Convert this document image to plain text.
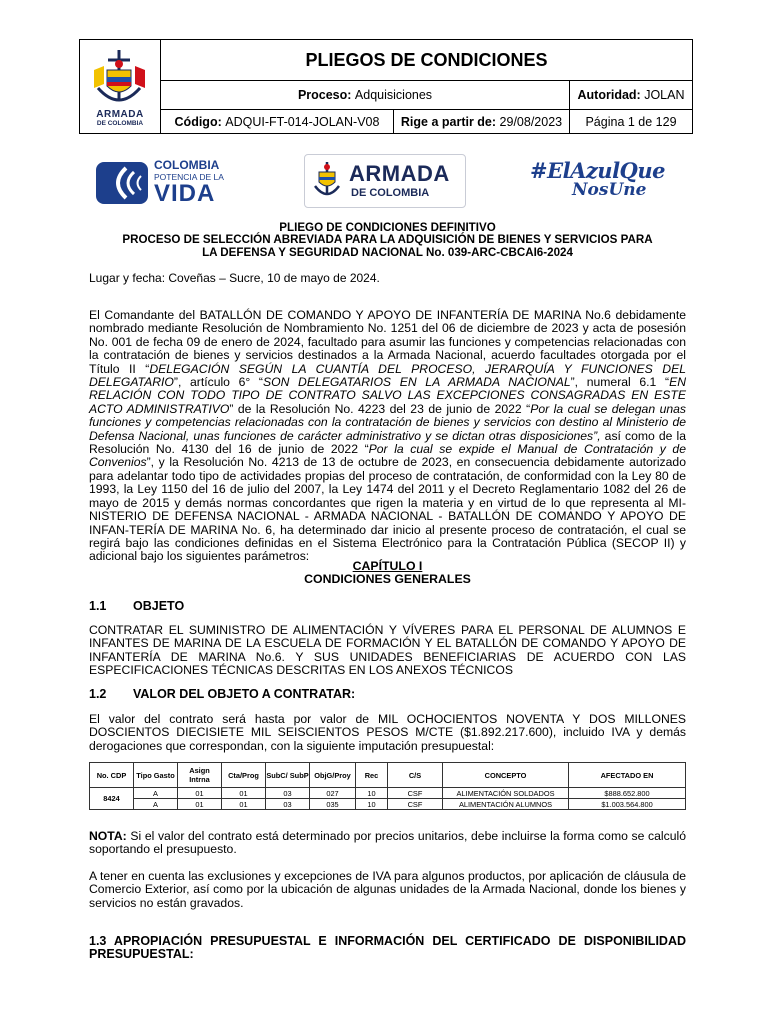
ARMADA
DE COLOMBIA
PLIEGOS DE CONDICIONES
Proceso:
Adquisiciones	Autoridad:
JOLAN
Código:
ADQUI-FT-014-JOLAN-V08 Rige a partir de:
29/08/2023	Página 1 de 129
COLOMBIA
POTENCIA DE LA
VIDA
ARMADA
DE COLOMBIA
#ElAzulQue
NosUne
PLIEGO DE CONDICIONES DEFINITIVO
PROCESO DE SELECCIÓN ABREVIADA PARA LA ADQUISICIÓN DE BIENES Y SERVICIOS PARA
LA DEFENSA Y SEGURIDAD NACIONAL No. 039-ARC-CBCAI6-2024
Lugar y fecha: Coveñas – Sucre, 10 de mayo de 2024.
El Comandante del BATALLÓN DE COMANDO Y APOYO DE INFANTERÍA DE MARINA No.6 debidamente nombrado mediante Resolución de Nombramiento No. 1251 del 06 de diciembre de 2023 y acta de posesión No. 001 de fecha 09 de enero de 2024, facultado para asumir las funciones y competencias relacionadas con la contratación de bienes y servicios destinados a la Armada Nacional, acuerdo facultades otorgada por el Título II “DELEGACIÓN SEGÚN LA CUANTÍA DEL PROCESO, JERARQUÍA Y FUNCIONES DEL DELEGATARIO”, artículo 6° “SON DELEGATARIOS EN LA ARMADA NACIONAL”, numeral 6.1 “EN RELACIÓN CON TODO TIPO DE CONTRATO SALVO LAS EXCEPCIONES CONSAGRADAS EN ESTE ACTO ADMINISTRATIVO” de la Resolución No. 4223 del 23 de junio de 2022 “Por la cual se delegan unas funciones y competencias relacionadas con la contratación de bienes y servicios con destino al Ministerio de Defensa Nacional, unas funciones de carácter administrativo y se dictan otras disposiciones”, así como de la Resolución No. 4130 del 16 de junio de 2022 “Por la cual se expide el Manual de Contratación y de Convenios”, y la Resolución No. 4213 de 13 de octubre de 2023, en consecuencia debidamente autorizado para adelantar todo tipo de actividades propias del proceso de contratación, de conformidad con la Ley 80 de 1993, la Ley 1150 del 16 de julio del 2007, la Ley 1474 del 2011 y el Decreto Reglamentario 1082 del 26 de mayo de 2015 y demás normas concordantes que rigen la materia y en virtud de lo que representa al MI-NISTERIO DE DEFENSA NACIONAL - ARMADA NACIONAL - BATALLÓN DE COMANDO Y APOYO DE INFAN-TERÍA DE MARINA No. 6, ha determinado dar inicio al presente proceso de contratación, el cual se regirá bajo las condiciones definidas en el Sistema Electrónico para la Contratación Pública (SECOP II) y adicional bajo los siguientes parámetros:
CAPÍTULO I
CONDICIONES GENERALES
1.1 OBJETO
CONTRATAR EL SUMINISTRO DE ALIMENTACIÓN Y VÍVERES PARA EL PERSONAL DE ALUMNOS E INFANTES DE MARINA DE LA ESCUELA DE FORMACIÓN Y EL BATALLÓN DE COMANDO Y APOYO DE INFANTERÍA DE MARINA No.6. Y SUS UNIDADES BENEFICIARIAS DE ACUERDO CON LAS ESPECIFICACIONES TÉCNICAS DESCRITAS EN LOS ANEXOS TÉCNICOS
1.2 VALOR DEL OBJETO A CONTRATAR:
El valor del contrato será hasta por valor de MIL OCHOCIENTOS NOVENTA Y DOS MILLONES DOSCIENTOS DIECISIETE MIL SEISCIENTOS PESOS M/CTE ($1.892.217.600), incluido IVA y demás derogaciones que correspondan, con la siguiente imputación presupuestal:
No. CDP	Tipo Gasto	Asign Intrna	Cta/Prog	SubC/ SubP	ObjG/Proy	Rec	C/S	CONCEPTO	AFECTADO EN
8424	A	01	01	03	027	10	CSF	ALIMENTACIÓN SOLDADOS	$888.652.800
	A	01	01	03	035	10	CSF	ALIMENTACIÓN ALUMNOS	$1.003.564.800
NOTA: Si el valor del contrato está determinado por precios unitarios, debe incluirse la forma como se calculó soportando el presupuesto.
A tener en cuenta las exclusiones y excepciones de IVA para algunos productos, por aplicación de cláusula de Comercio Exterior, así como por la ubicación de algunas unidades de la Armada Nacional, donde los bienes y servicios no están gravados.
1.3 APROPIACIÓN PRESUPUESTAL E INFORMACIÓN DEL CERTIFICADO DE DISPONIBILIDAD PRESUPUESTAL:
